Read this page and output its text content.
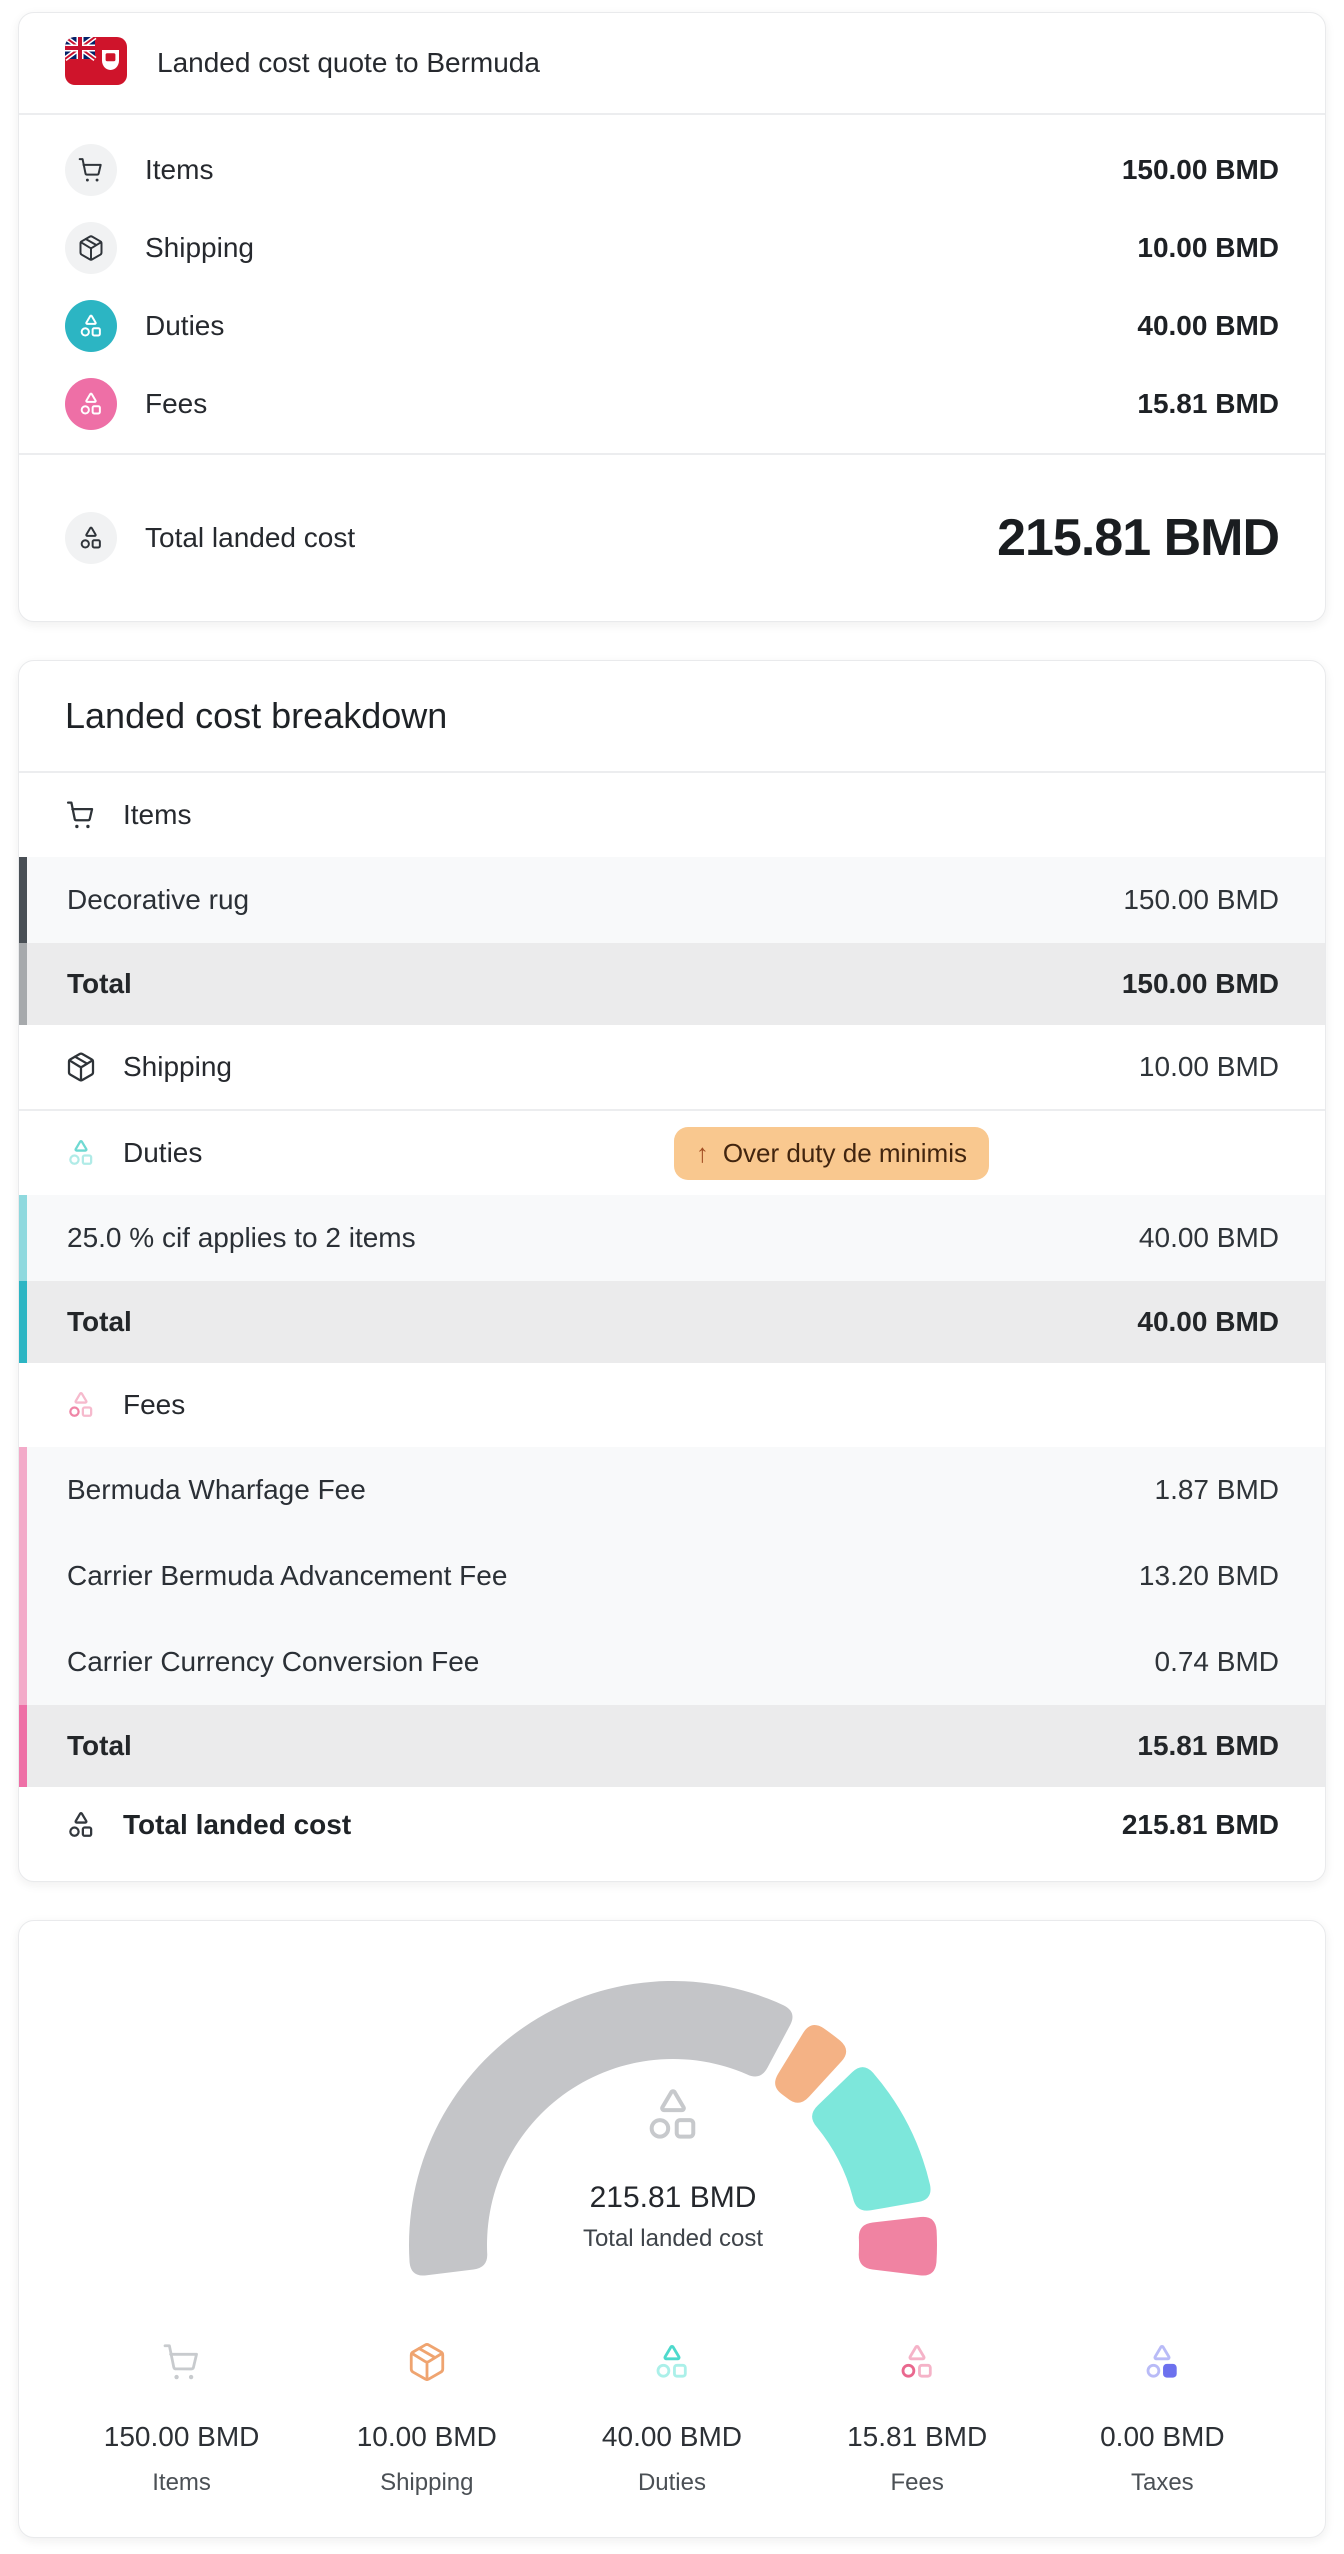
Landed cost quote to Bermuda
Items	150.00 BMD
Shipping	10.00 BMD
Duties	40.00 BMD
Fees	15.81 BMD
Total landed cost	215.81 BMD
Landed cost breakdown
Items
Decorative rug	150.00 BMD
Total	150.00 BMD
Shipping	10.00 BMD
Duties	↑ Over duty de minimis
25.0 % cif applies to 2 items	40.00 BMD
Total	40.00 BMD
Fees
Bermuda Wharfage Fee	1.87 BMD
Carrier Bermuda Advancement Fee	13.20 BMD
Carrier Currency Conversion Fee	0.74 BMD
Total	15.81 BMD
Total landed cost	215.81 BMD
215.81 BMD
Total landed cost
150.00 BMD
Items
10.00 BMD
Shipping
40.00 BMD
Duties
15.81 BMD
Fees
0.00 BMD
Taxes
